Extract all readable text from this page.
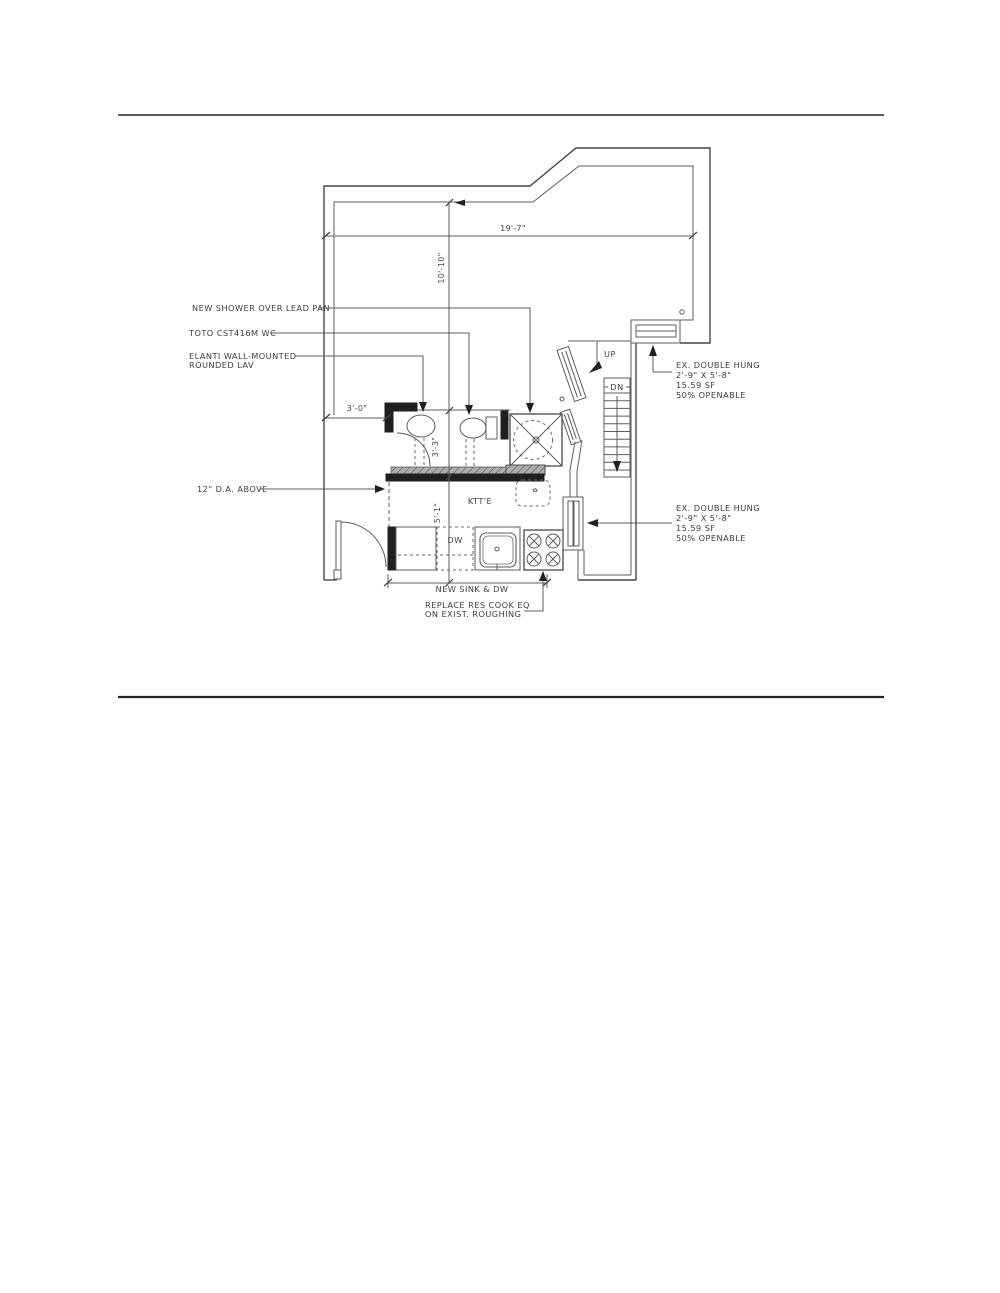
DN
UP
KTT'E
DW
19'-7"
10'-10"
3'-3"
5'-1"
3'-0"
NEW SHOWER OVER LEAD PAN
TOTO CST416M WC
ELANTI WALL-MOUNTED
ROUNDED LAV
12" D.A. ABOVE
NEW SINK & DW
REPLACE RES COOK EQ
ON EXIST. ROUGHING
EX. DOUBLE HUNG
2'-9" X 5'-8"
15.59 SF
50% OPENABLE
EX. DOUBLE HUNG
2'-9" X 5'-8"
15.59 SF
50% OPENABLE
